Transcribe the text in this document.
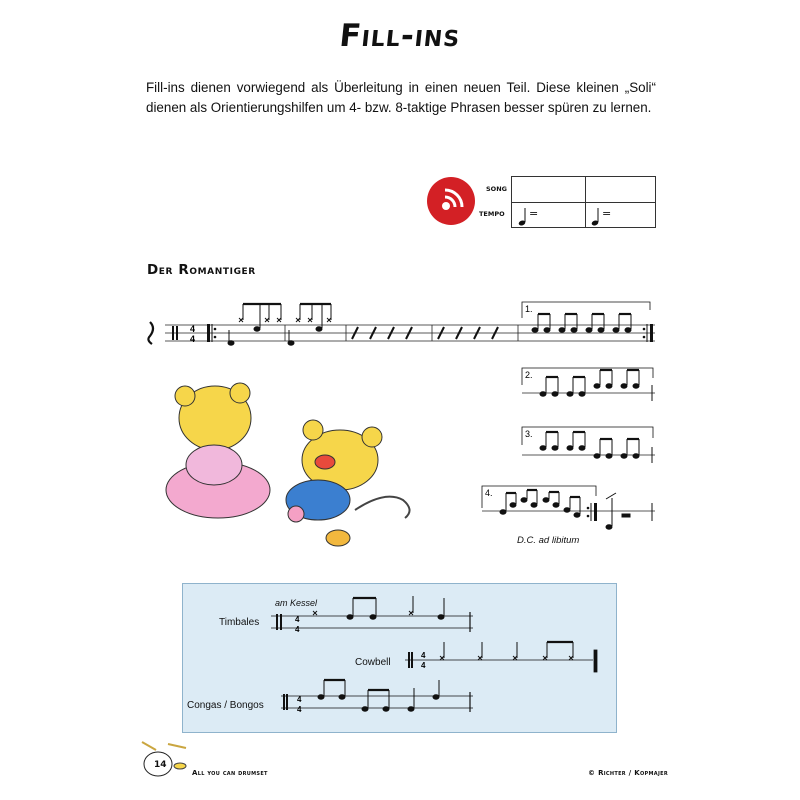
Fill-ins
Fill-ins dienen vorwiegend als Überleitung in einen neuen Teil. Diese kleinen „Soli“ dienen als Orientierungshilfen um 4- bzw. 8-taktige Phrasen besser spüren zu lernen.
SONG
TEMPO =	=
Der Romantiger
4
4
1.
2.
3.
4.
D.C. ad libitum
Timbales
am Kessel
Cowbell
Congas / Bongos
4
4
4
4
4
4
14
All you can drumset	© Richter / Kopmajer
